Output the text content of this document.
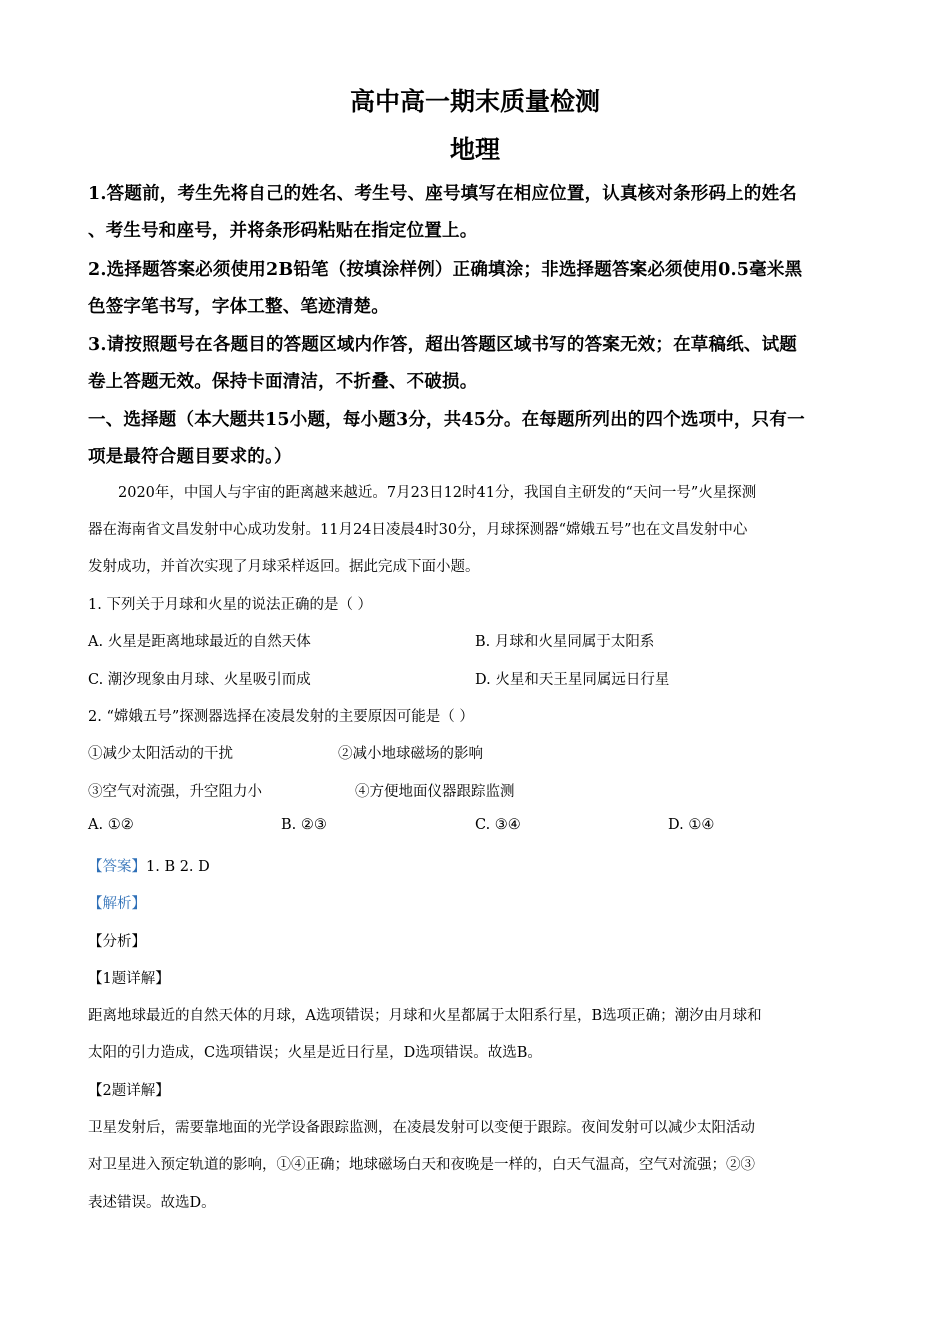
高中高一期末质量检测
地理
1.答题前，考生先将自己的姓名、考生号、座号填写在相应位置，认真核对条形码上的姓名
、考生号和座号，并将条形码粘贴在指定位置上。
2.选择题答案必须使用2B铅笔（按填涂样例）正确填涂；非选择题答案必须使用0.5毫米黑
色签字笔书写，字体工整、笔迹清楚。
3.请按照题号在各题目的答题区域内作答，超出答题区域书写的答案无效；在草稿纸、试题
卷上答题无效。保持卡面清洁，不折叠、不破损。
一、选择题（本大题共15小题，每小题3分，共45分。在每题所列出的四个选项中，只有一
项是最符合题目要求的。）
2020年，中国人与宇宙的距离越来越近。7月23日12时41分，我国自主研发的“天问一号”火星探测
器在海南省文昌发射中心成功发射。11月24日凌晨4时30分，月球探测器“嫦娥五号”也在文昌发射中心
发射成功，并首次实现了月球采样返回。据此完成下面小题。
1. 下列关于月球和火星的说法正确的是（ ）
A. 火星是距离地球最近的自然天体	B. 月球和火星同属于太阳系
C. 潮汐现象由月球、火星吸引而成	D. 火星和天王星同属远日行星
2. “嫦娥五号”探测器选择在凌晨发射的主要原因可能是（ ）
①减少太阳活动的干扰	②减小地球磁场的影响
③空气对流强，升空阻力小	④方便地面仪器跟踪监测
A. ①②	B. ②③	C. ③④	D. ①④
【答案】1. B 2. D
【解析】
【分析】
【1题详解】
距离地球最近的自然天体的月球，A选项错误；月球和火星都属于太阳系行星，B选项正确；潮汐由月球和
太阳的引力造成，C选项错误；火星是近日行星，D选项错误。故选B。
【2题详解】
卫星发射后，需要靠地面的光学设备跟踪监测，在凌晨发射可以变便于跟踪。夜间发射可以减少太阳活动
对卫星进入预定轨道的影响，①④正确；地球磁场白天和夜晚是一样的，白天气温高，空气对流强；②③
表述错误。故选D。
